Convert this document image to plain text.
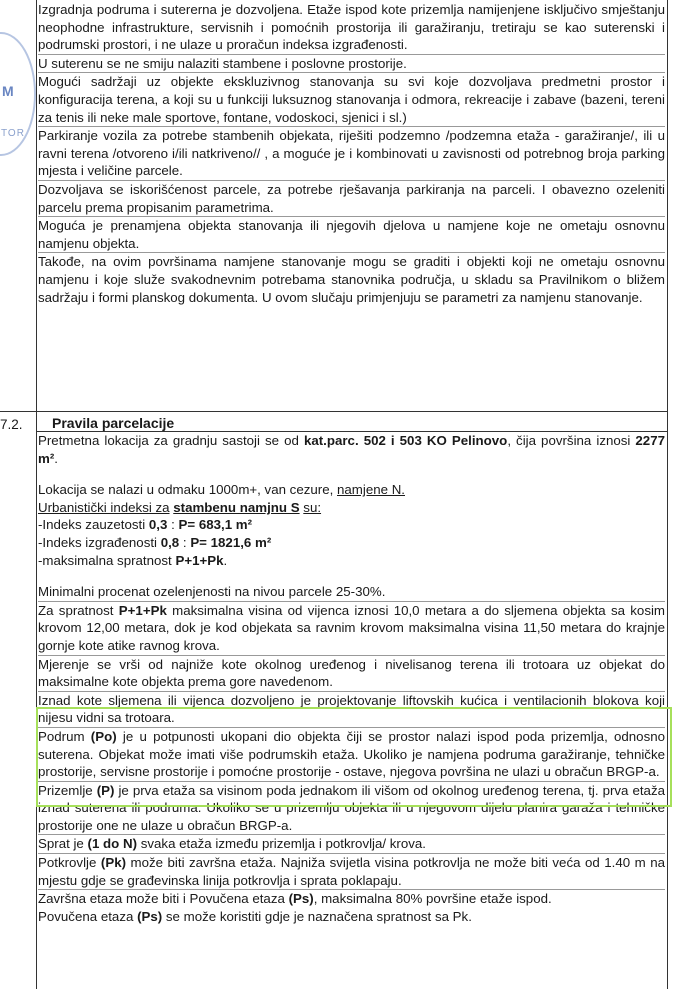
M
TOR

Izgradnja podruma i sutererna je dozvoljena. Etaže ispod kote prizemlja namijenjene isključivo smještanju neophodne infrastrukture, servisnih i pomoćnih prostorija ili garažiranju, tretiraju se kao suterenski i podrumski prostori, i ne ulaze u proračun indeksa izgrađenosti.

U suterenu se ne smiju nalaziti stambene i poslovne prostorije.

Mogući sadržaji uz objekte ekskluzivnog stanovanja su svi koje dozvoljava predmetni prostor i konfiguracija terena, a koji su u funkciji luksuznog stanovanja i odmora, rekreacije i zabave (bazeni, tereni za tenis ili neke male sportove, fontane, vodoskoci, sjenici i sl.)

Parkiranje vozila za potrebe stambenih objekata, riješiti podzemno /podzemna etaža - garažiranje/, ili u ravni terena /otvoreno i/ili natkriveno// , a moguće je i kombinovati u zavisnosti od potrebnog broja parking mjesta i veličine parcele.

Dozvoljava se iskorišćenost parcele, za potrebe rješavanja parkiranja na parceli. I obavezno ozeleniti parcelu prema propisanim parametrima.

Moguća je prenamjena objekta stanovanja ili njegovih djelova u namjene koje ne ometaju osnovnu namjenu objekta.

Takođe, na ovim površinama namjene stanovanje mogu se graditi i objekti koji ne ometaju osnovnu namjenu i koje služe svakodnevnim potrebama stanovnika područja, u skladu sa Pravilnikom o bližem sadržaju i formi planskog dokumenta. U ovom slučaju primjenjuju se parametri za namjenu stanovanje.

7.2. Pravila parcelacije

Pretmetna lokacija za gradnju sastoji se od kat.parc. 502 i 503 KO Pelinovo, čija površina iznosi 2277 m².

Lokacija se nalazi u odmaku 1000m+, van cezure, namjene N.

Urbanistički indeksi za stambenu namjnu S su:

-Indeks zauzetosti 0,3 : P= 683,1 m²

-Indeks izgrađenosti 0,8 : P= 1821,6 m²

-maksimalna spratnost P+1+Pk.

Minimalni procenat ozelenjenosti na nivou parcele 25-30%.

Za spratnost P+1+Pk maksimalna visina od vijenca iznosi 10,0 metara a do sljemena objekta sa kosim krovom 12,00 metara, dok je kod objekata sa ravnim krovom maksimalna visina 11,50 metara do krajnje gornje kote atike ravnog krova.

Mjerenje se vrši od najniže kote okolnog uređenog i nivelisanog terena ili trotoara uz objekat do maksimalne kote objekta prema gore navedenom.

Iznad kote sljemena ili vijenca dozvoljeno je projektovanje liftovskih kućica i ventilacionih blokova koji nijesu vidni sa trotoara.

Podrum (Po) je u potpunosti ukopani dio objekta čiji se prostor nalazi ispod poda prizemlja, odnosno suterena. Objekat može imati više podrumskih etaža. Ukoliko je namjena podruma garažiranje, tehničke prostorije, servisne prostorije i pomoćne prostorije - ostave, njegova površina ne ulazi u obračun BRGP-a.

Prizemlje (P) je prva etaža sa visinom poda jednakom ili višom od okolnog uređenog terena, tj. prva etaža iznad suterena ili podruma. Ukoliko se u prizemlju objekta ili u njegovom dijelu planira garaža i tehničke prostorije one ne ulaze u obračun BRGP-a.

Sprat je (1 do N) svaka etaža između prizemlja i potkrovlja/ krova.

Potkrovlje (Pk) može biti završna etaža. Najniža svijetla visina potkrovlja ne može biti veća od 1.40 m na mjestu gdje se građevinska linija potkrovlja i sprata poklapaju.

Završna etaza može biti i Povučena etaza (Ps), maksimalna 80% površine etaže ispod.

Povučena etaza (Ps) se može koristiti gdje je naznačena spratnost sa Pk.
